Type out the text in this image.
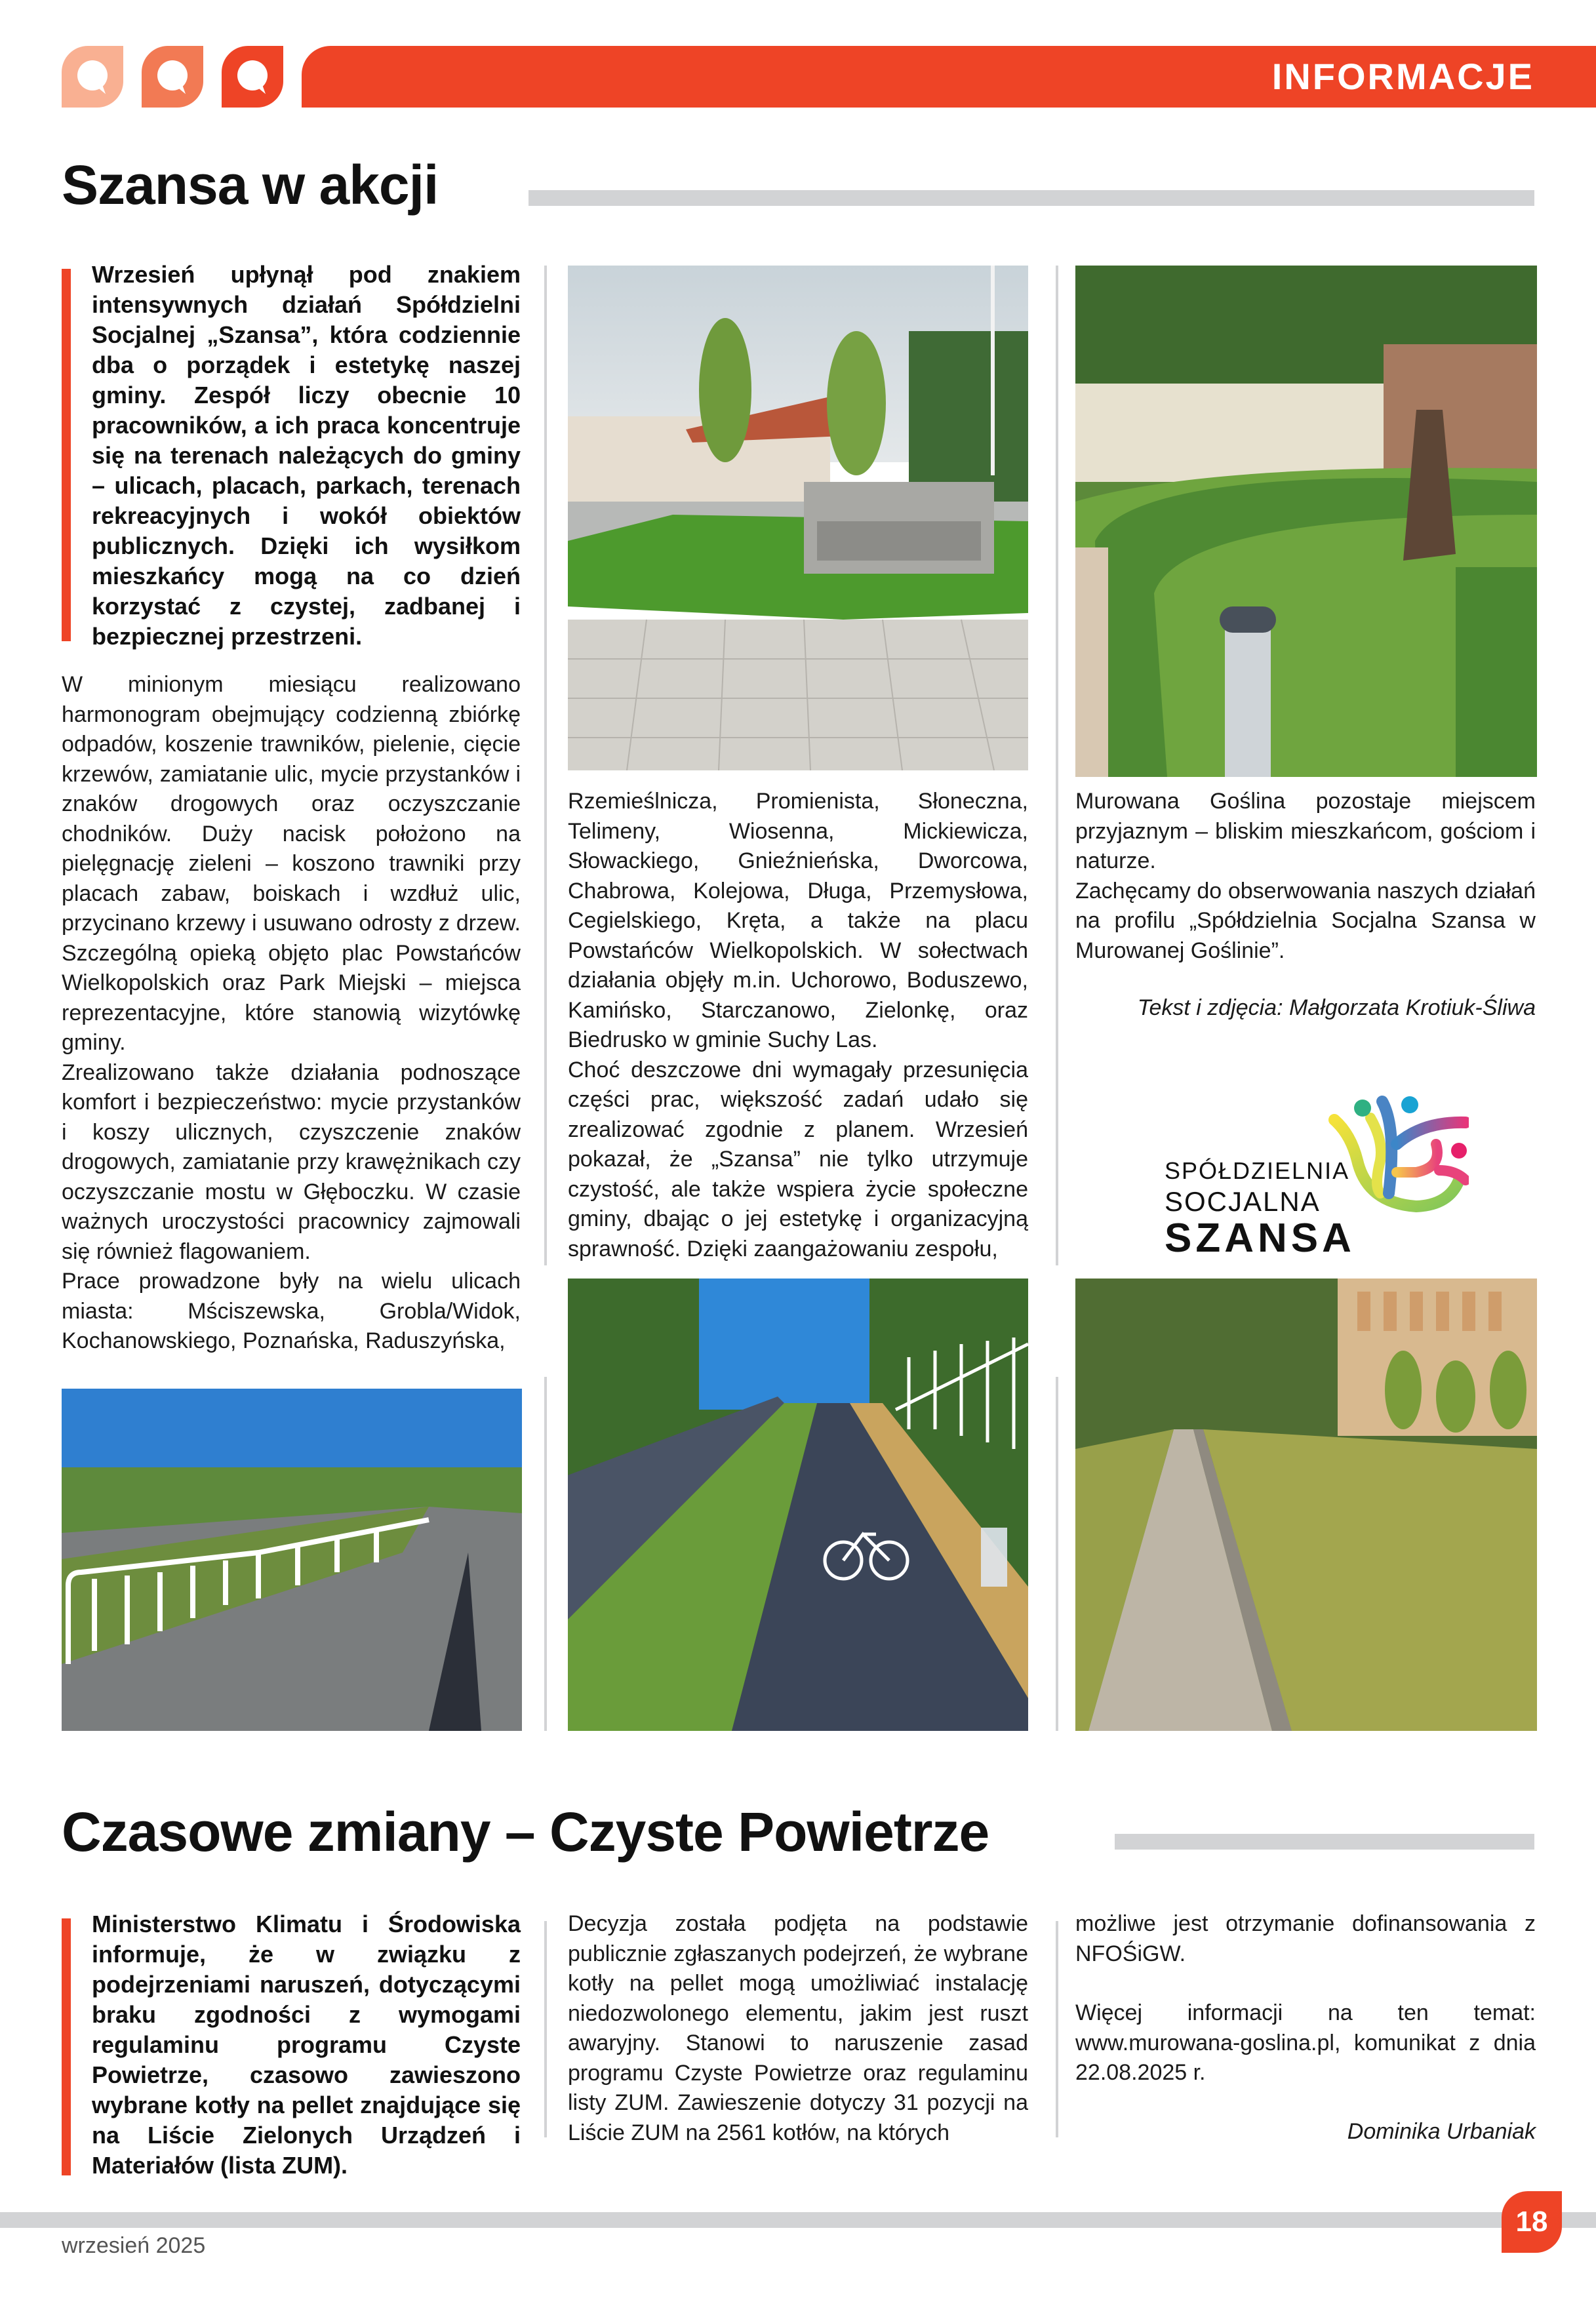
INFORMACJE
Szansa w akcji
Wrzesień upłynął pod znakiem intensywnych działań Spółdzielni Socjalnej „Szansa”, która codziennie dba o porządek i estetykę naszej gminy. Zespół liczy obecnie 10 pracowników, a ich praca koncentruje się na terenach należących do gminy – ulicach, placach, parkach, terenach rekreacyjnych i wokół obiektów publicznych. Dzięki ich wysiłkom mieszkańcy mogą na co dzień korzystać z czystej, zadbanej i bezpiecznej przestrzeni.

W minionym miesiącu realizowano harmonogram obejmujący codzienną zbiórkę odpadów, koszenie trawników, pielenie, cięcie krzewów, zamiatanie ulic, mycie przystanków i znaków drogowych oraz oczyszczanie chodników. Duży nacisk położono na pielęgnację zieleni – koszono trawniki przy placach zabaw, boiskach i wzdłuż ulic, przycinano krzewy i usuwano odrosty z drzew. Szczególną opieką objęto plac Powstańców Wielkopolskich oraz Park Miejski – miejsca reprezentacyjne, które stanowią wizytówkę gminy.

Zrealizowano także działania podnoszące komfort i bezpieczeństwo: mycie przystanków i koszy ulicznych, czyszczenie znaków drogowych, zamiatanie przy krawężnikach czy oczyszczanie mostu w Głęboczku. W czasie ważnych uroczystości pracownicy zajmowali się również flagowaniem.

Prace prowadzone były na wielu ulicach miasta: Mściszewska, Grobla/Widok, Kochanowskiego, Poznańska, Raduszyńska,

Rzemieślnicza, Promienista, Słoneczna, Telimeny, Wiosenna, Mickiewicza, Słowackiego, Gnieźnieńska, Dworcowa, Chabrowa, Kolejowa, Długa, Przemysłowa, Cegielskiego, Kręta, a także na placu Powstańców Wielkopolskich. W sołectwach działania objęły m.in. Uchorowo, Boduszewo, Kamińsko, Starczanowo, Zielonkę, oraz Biedrusko w gminie Suchy Las.

Choć deszczowe dni wymagały przesunięcia części prac, większość zadań udało się zrealizować zgodnie z planem. Wrzesień pokazał, że „Szansa” nie tylko utrzymuje czystość, ale także wspiera życie społeczne gminy, dbając o jej estetykę i organizacyjną sprawność. Dzięki zaangażowaniu zespołu,

Murowana Goślina pozostaje miejscem przyjaznym – bliskim mieszkańcom, gościom i naturze.

Zachęcamy do obserwowania naszych działań na profilu „Spółdzielnia Socjalna Szansa w Murowanej Goślinie”.

Tekst i zdjęcia: Małgorzata Krotiuk-Śliwa
SPÓŁDZIELNIA
SOCJALNA
SZANSA
Czasowe zmiany – Czyste Powietrze
Ministerstwo Klimatu i Środowiska informuje, że w związku z podejrzeniami naruszeń, dotyczącymi braku zgodności z wymogami regulaminu programu Czyste Powietrze, czasowo zawieszono wybrane kotły na pellet znajdujące się na Liście Zielonych Urządzeń i Materiałów (lista ZUM).

Decyzja została podjęta na podstawie publicznie zgłaszanych podejrzeń, że wybrane kotły na pellet mogą umożliwiać instalację niedozwolonego elementu, jakim jest ruszt awaryjny. Stanowi to naruszenie zasad programu Czyste Powietrze oraz regulaminu listy ZUM. Zawieszenie dotyczy 31 pozycji na Liście ZUM na 2561 kotłów, na których

możliwe jest otrzymanie dofinansowania z NFOŚiGW.

Więcej informacji na ten temat: www.murowana-goslina.pl, komunikat z dnia 22.08.2025 r.

Dominika Urbaniak
18
wrzesień 2025
